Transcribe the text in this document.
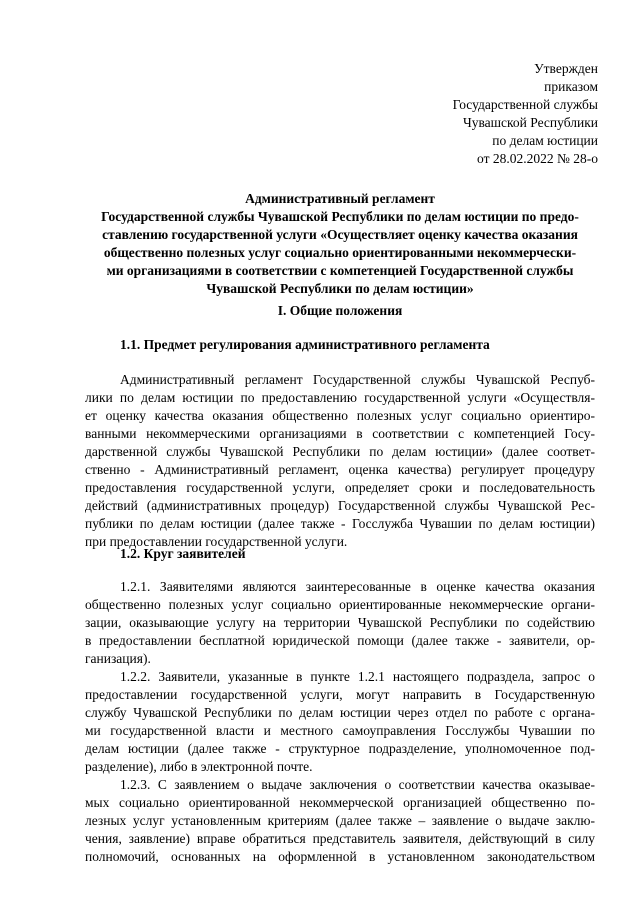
Утвержден
приказом
Государственной службы
Чувашской Республики
по делам юстиции
от 28.02.2022 № 28-о
Административный регламент
Государственной службы Чувашской Республики по делам юстиции по предо-
ставлению государственной услуги «Осуществляет оценку качества оказания
общественно полезных услуг социально ориентированными некоммерчески-
ми организациями в соответствии с компетенцией Государственной службы
Чувашской Республики по делам юстиции»
I. Общие положения
1.1. Предмет регулирования административного регламента
Административный регламент Государственной службы Чувашской Респуб-
лики по делам юстиции по предоставлению государственной услуги «Осуществля-
ет оценку качества оказания общественно полезных услуг социально ориентиро-
ванными некоммерческими организациями в соответствии с компетенцией Госу-
дарственной службы Чувашской Республики по делам юстиции» (далее соответ-
ственно - Административный регламент, оценка качества) регулирует процедуру
предоставления государственной услуги, определяет сроки и последовательность
действий (административных процедур) Государственной службы Чувашской Рес-
публики по делам юстиции (далее также - Госслужба Чувашии по делам юстиции)
при предоставлении государственной услуги.
1.2. Круг заявителей
1.2.1. Заявителями являются заинтересованные в оценке качества оказания
общественно полезных услуг социально ориентированные некоммерческие органи-
зации, оказывающие услугу на территории Чувашской Республики по содействию
в предоставлении бесплатной юридической помощи (далее также - заявители, ор-
ганизация).
1.2.2. Заявители, указанные в пункте 1.2.1 настоящего подраздела, запрос о
предоставлении государственной услуги, могут направить в Государственную
службу Чувашской Республики по делам юстиции через отдел по работе с органа-
ми государственной власти и местного самоуправления Госслужбы Чувашии по
делам юстиции (далее также - структурное подразделение, уполномоченное под-
разделение), либо в электронной почте.
1.2.3. С заявлением о выдаче заключения о соответствии качества оказывае-
мых социально ориентированной некоммерческой организацией общественно по-
лезных услуг установленным критериям (далее также – заявление о выдаче заклю-
чения, заявление) вправе обратиться представитель заявителя, действующий в силу
полномочий, основанных на оформленной в установленном законодательством
